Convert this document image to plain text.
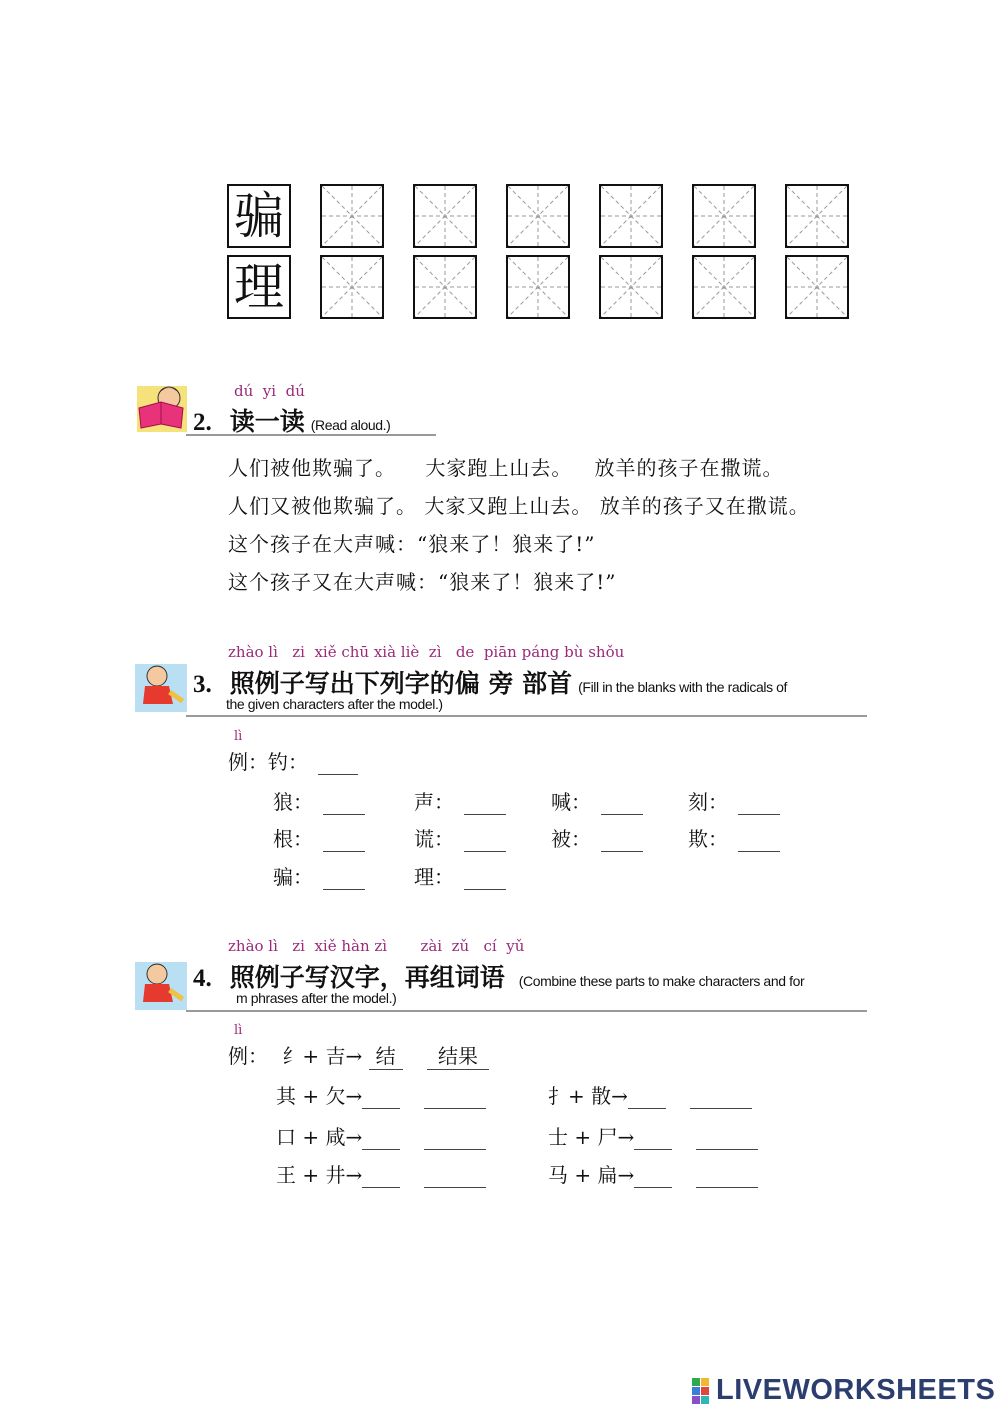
骗
理
dú  yi  dú
2. 读一读 (Read aloud.)
人们被他欺骗了。    大家跑上山去。   放羊的孩子在撒谎。
人们又被他欺骗了。 大家又跑上山去。 放羊的孩子又在撒谎。
这个孩子在大声喊：“狼来了！狼来了!”
这个孩子又在大声喊：“狼来了！狼来了!”
zhào lì   zi  xiě chū xià liè  zì   de  piān páng bù shǒu
3. 照例子写出下列字的偏 旁 部首 (Fill in the blanks with the radicals of
the given characters after the model.)
lì
例：钓：
狼：	声：	喊：	刻：
根：	谎：	被：	欺：
骗：	理：
zhào lì   zi  xiě hàn zì       zài  zǔ   cí  yǔ
4. 照例子写汉字，再组词语 (Combine these parts to make characters and for
m phrases after the model.)
lì
例： 纟+ 吉→ 结 结果
其 + 欠→	扌+ 散→
口 + 咸→	士 + 尸→
王 + 井→	马 + 扁→
LIVEWORKSHEETS
